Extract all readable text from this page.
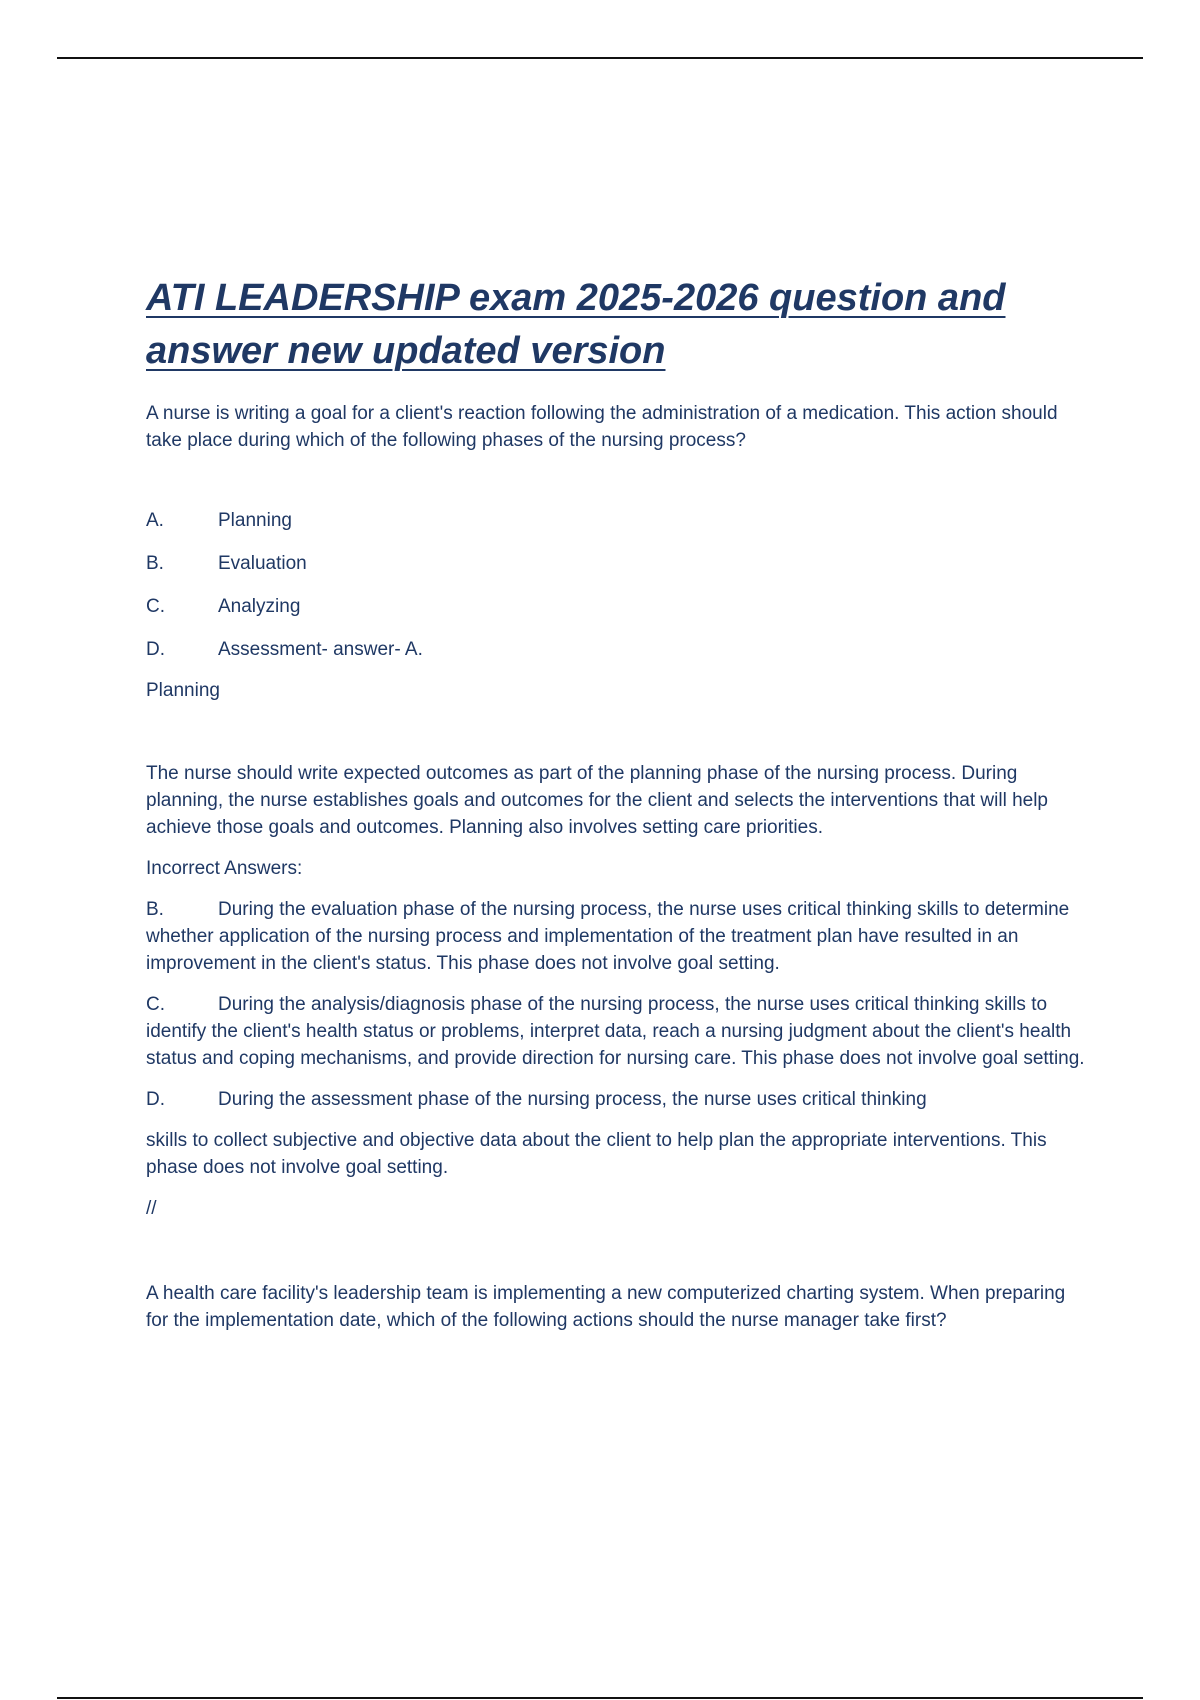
ATI LEADERSHIP exam 2025-2026 question and answer new updated version

A nurse is writing a goal for a client's reaction following the administration of a medication. This action should take place during which of the following phases of the nursing process?

A.	Planning
B.	Evaluation
C.	Analyzing
D.	Assessment- answer- A.

Planning

The nurse should write expected outcomes as part of the planning phase of the nursing process. During planning, the nurse establishes goals and outcomes for the client and selects the interventions that will help achieve those goals and outcomes. Planning also involves setting care priorities.

Incorrect Answers:

B.	During the evaluation phase of the nursing process, the nurse uses critical thinking skills to determine whether application of the nursing process and implementation of the treatment plan have resulted in an improvement in the client's status. This phase does not involve goal setting.

C.	During the analysis/diagnosis phase of the nursing process, the nurse uses critical thinking skills to identify the client's health status or problems, interpret data, reach a nursing judgment about the client's health status and coping mechanisms, and provide direction for nursing care. This phase does not involve goal setting.

D.	During the assessment phase of the nursing process, the nurse uses critical thinking

skills to collect subjective and objective data about the client to help plan the appropriate interventions. This phase does not involve goal setting.

//

A health care facility's leadership team is implementing a new computerized charting system. When preparing for the implementation date, which of the following actions should the nurse manager take first?
